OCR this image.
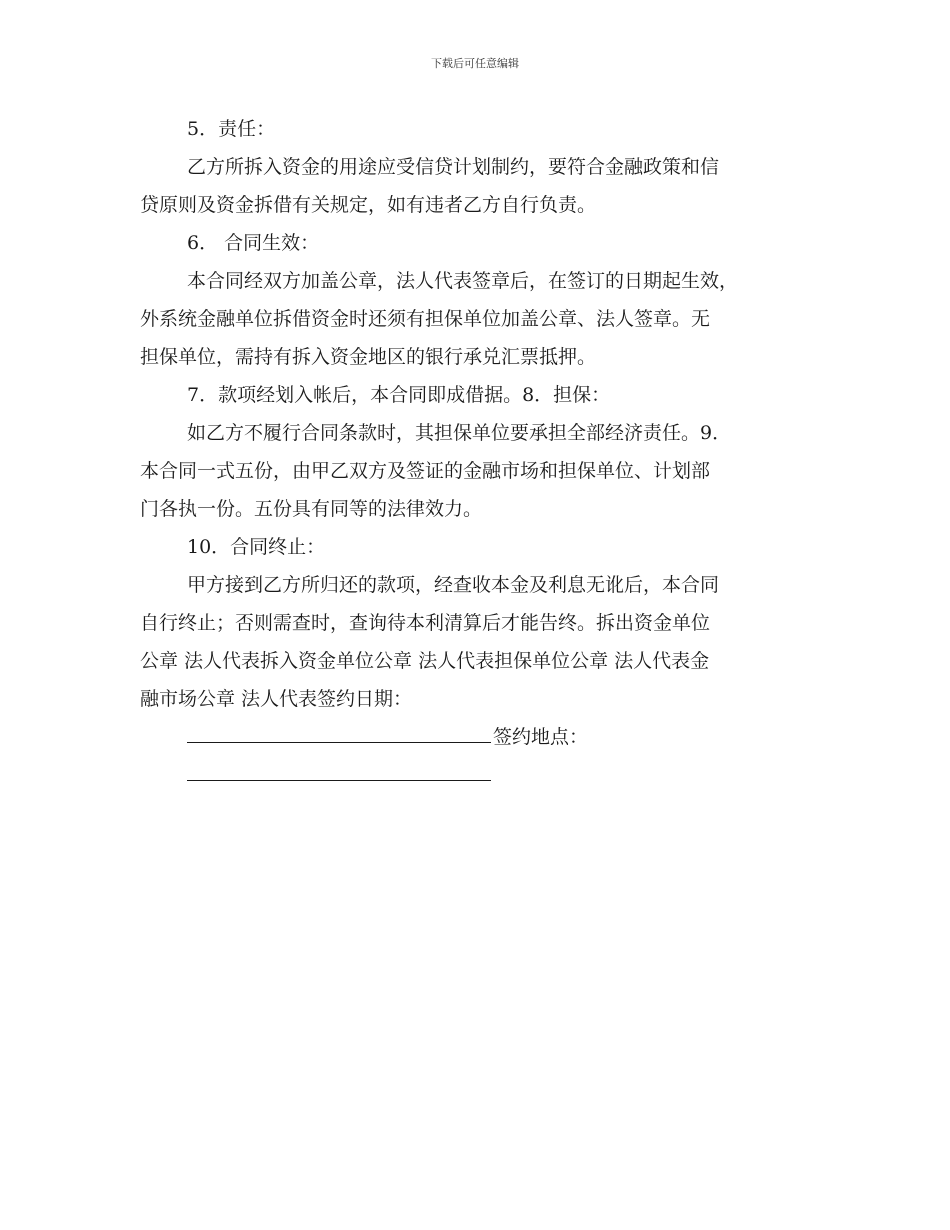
下载后可任意编辑

5．责任：

乙方所拆入资金的用途应受信贷计划制约，要符合金融政策和信

贷原则及资金拆借有关规定，如有违者乙方自行负责。

6． 合同生效：

本合同经双方加盖公章，法人代表签章后，在签订的日期起生效，

外系统金融单位拆借资金时还须有担保单位加盖公章、法人签章。无

担保单位，需持有拆入资金地区的银行承兑汇票抵押。

7．款项经划入帐后，本合同即成借据。8．担保：

如乙方不履行合同条款时，其担保单位要承担全部经济责任。9．

本合同一式五份，由甲乙双方及签证的金融市场和担保单位、计划部

门各执一份。五份具有同等的法律效力。

10．合同终止：

甲方接到乙方所归还的款项，经查收本金及利息无讹后，本合同

自行终止；否则需查时，查询待本利清算后才能告终。拆出资金单位

公章 法人代表拆入资金单位公章 法人代表担保单位公章 法人代表金

融市场公章 法人代表签约日期：

签约地点：
